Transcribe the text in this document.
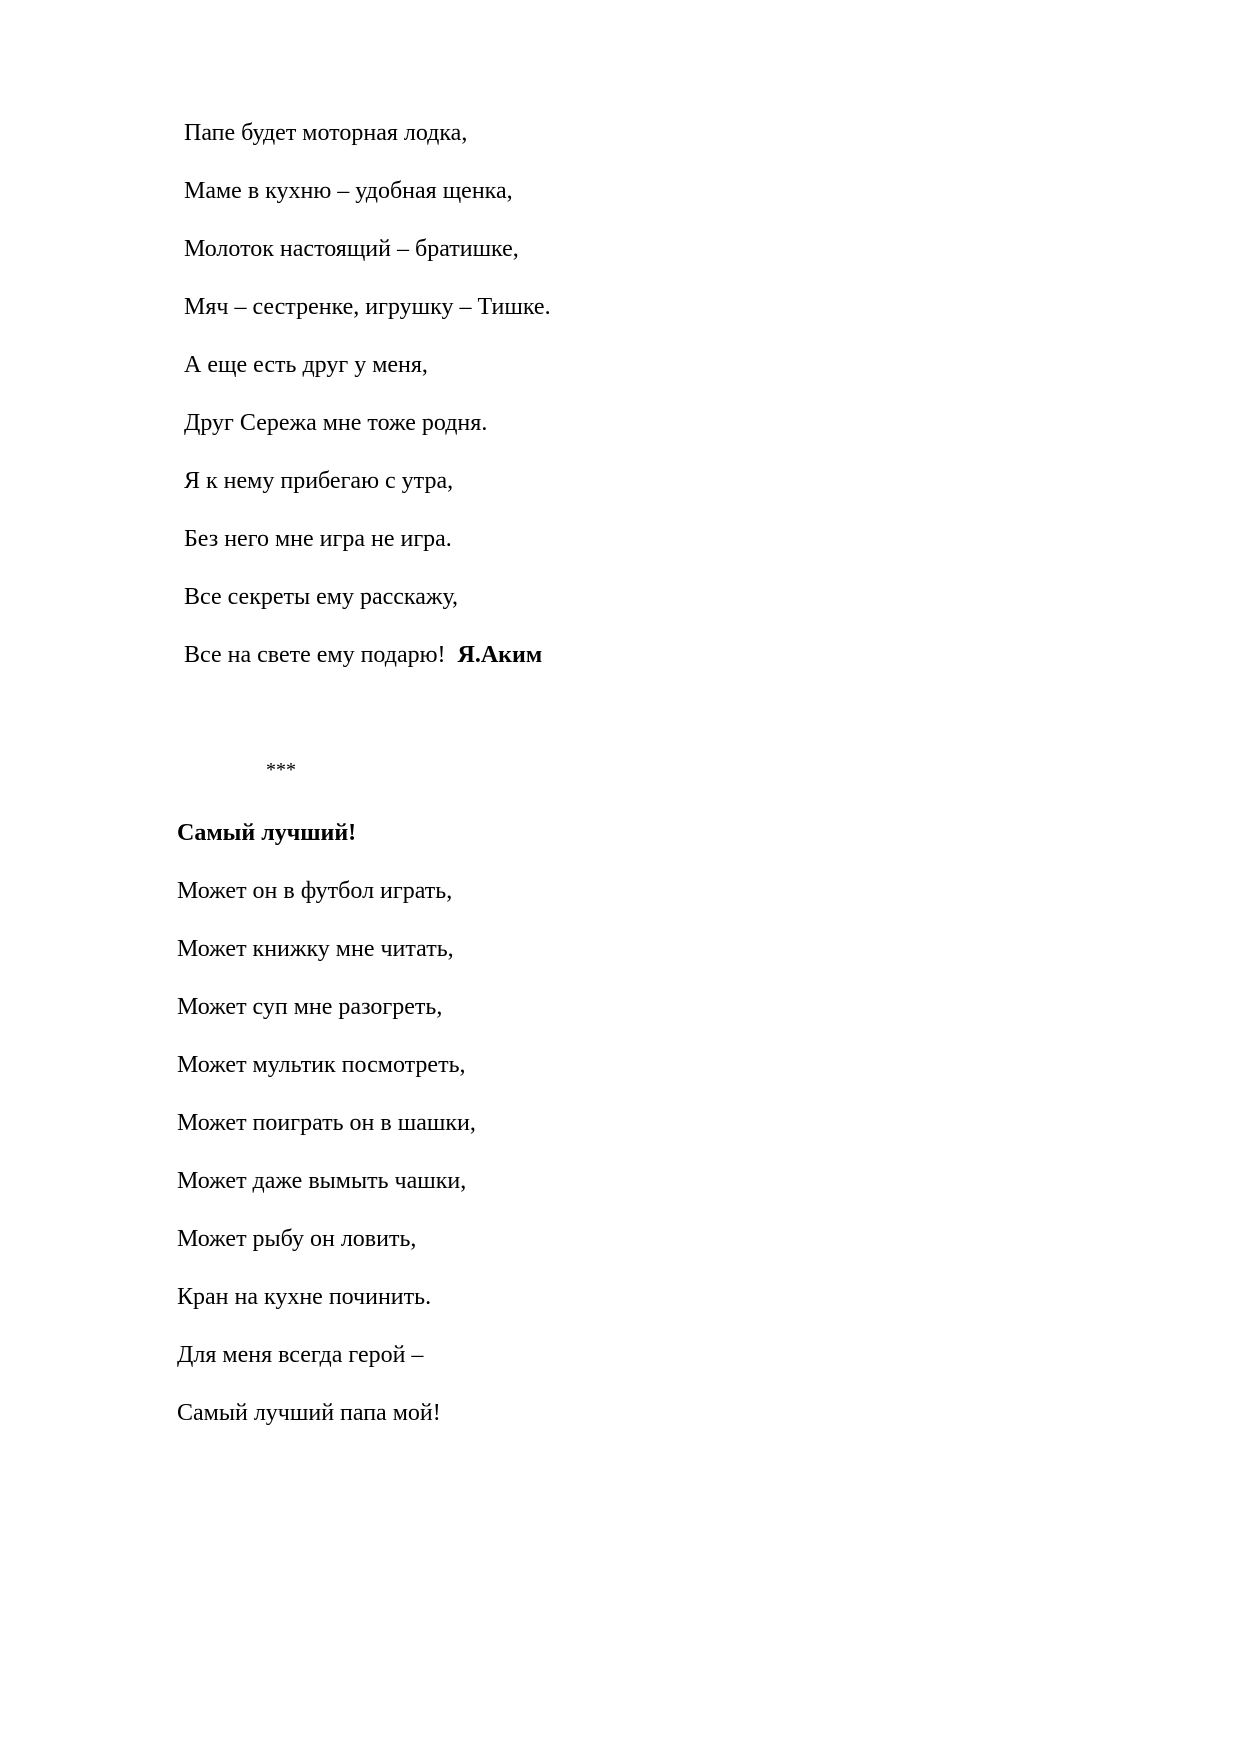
Папе будет моторная лодка,
Маме в кухню – удобная щенка,
Молоток настоящий – братишке,
Мяч – сестренке, игрушку – Тишке.
А еще есть друг у меня,
Друг Сережа мне тоже родня.
Я к нему прибегаю с утра,
Без него мне игра не игра.
Все секреты ему расскажу,
Все на свете ему подарю! Я.Аким
***
Самый лучший!
Может он в футбол играть,
Может книжку мне читать,
Может суп мне разогреть,
Может мультик посмотреть,
Может поиграть он в шашки,
Может даже вымыть чашки,
Может рыбу он ловить,
Кран на кухне починить.
Для меня всегда герой –
Самый лучший папа мой!
